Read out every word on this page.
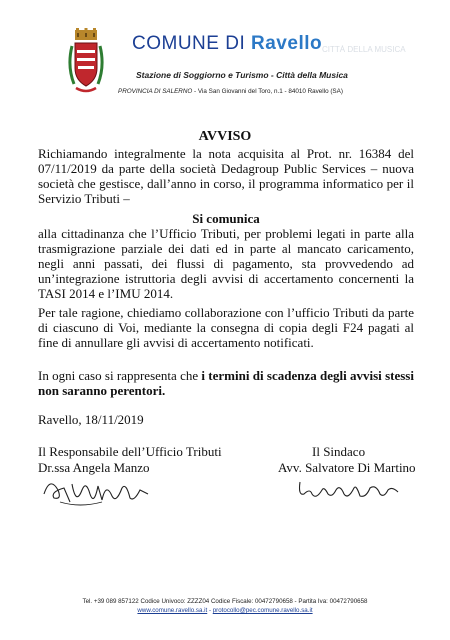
COMUNE DI Ravello CITTÀ DELLA MUSICA
Stazione di Soggiorno e Turismo - Città della Musica
PROVINCIA DI SALERNO - Via San Giovanni del Toro, n.1 - 84010 Ravello (SA)
AVVISO
Richiamando integralmente la nota acquisita al Prot. nr. 16384 del 07/11/2019 da parte della società Dedagroup Public Services – nuova società che gestisce, dall’anno in corso, il programma informatico per il Servizio Tributi –
Si comunica
alla cittadinanza che l’Ufficio Tributi, per problemi legati in parte alla trasmigrazione parziale dei dati ed in parte al mancato caricamento, negli anni passati, dei flussi di pagamento, sta provvedendo ad un’integrazione istruttoria degli avvisi di accertamento concernenti la TASI 2014 e l’IMU 2014.
Per tale ragione, chiediamo collaborazione con l’ufficio Tributi da parte di ciascuno di Voi, mediante la consegna di copia degli F24 pagati al fine di annullare gli avvisi di accertamento notificati.
In ogni caso si rappresenta che i termini di scadenza degli avvisi stessi non saranno perentori.
Ravello, 18/11/2019
Il Responsabile dell’Ufficio Tributi
Dr.ssa Angela Manzo
Il Sindaco
Avv. Salvatore Di Martino
Tel. +39 089 857122 Codice Univoco: ZZZZ04 Codice Fiscale: 00472790658 - Partita Iva: 00472790658
www.comune.ravello.sa.it - protocollo@pec.comune.ravello.sa.it
